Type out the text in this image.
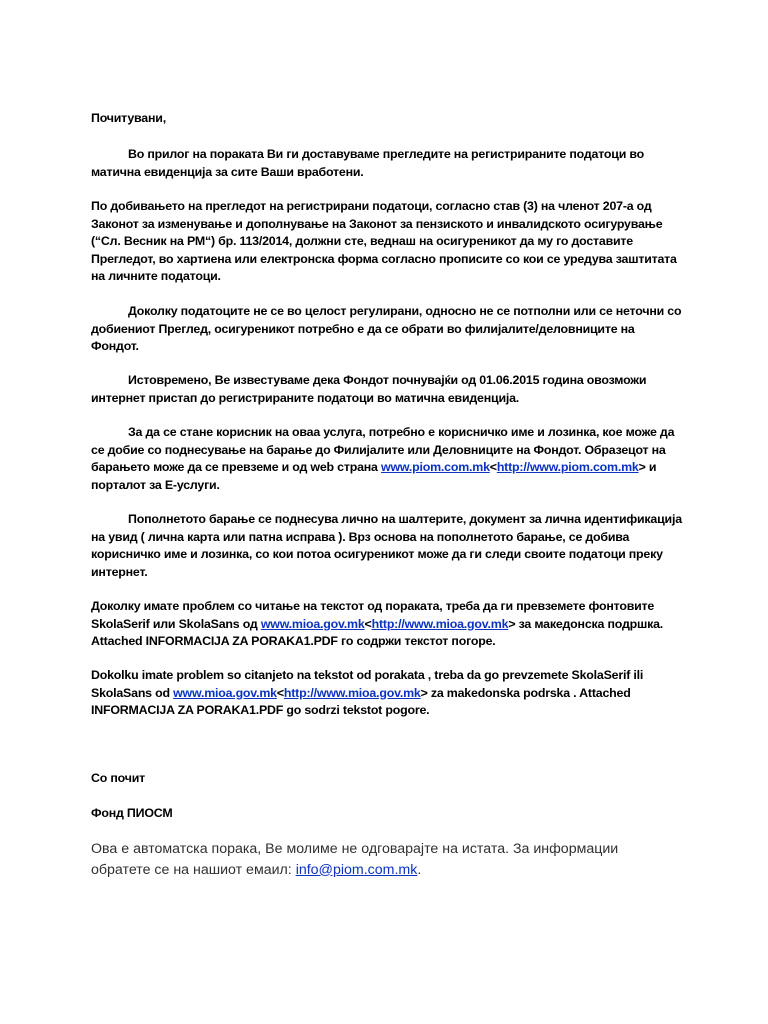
Почитувани,
Во прилог на пораката Ви ги доставуваме прегледите на регистрираните податоци во
матична евиденција за сите Ваши вработени.
По добивањето на прегледот на регистрирани податоци, согласно став (3) на членот 207-а од
Законот за изменување и дополнување на Законот за пензиското и инвалидското осигурување
(“Сл. Весник на РМ“) бр. 113/2014, должни сте, веднаш на осигуреникот да му го доставите
Прегледот, во хартиена или електронска форма согласно прописите со кои се уредува заштитата
на личните податоци.
Доколку податоците не се во целост регулирани, односно не се потполни или се неточни со
добиениот Преглед, осигуреникот потребно е да се обрати во филијалите/деловниците на
Фондот.
Истовремено, Ве известуваме дека Фондот почнувајќи од 01.06.2015 година овозможи
интернет пристап до регистрираните податоци во матична евиденција.
За да се стане корисник на оваа услуга, потребно е корисничко име и лозинка, кое може да
се добие со поднесување на барање до Филијалите или Деловниците на Фондот. Образецот на
барањето може да се превземе и од web страна www.piom.com.mk<http://www.piom.com.mk> и
порталот за Е-услуги.
Пополнетото барање се поднесува лично на шалтерите, документ за лична идентификација
на увид ( лична карта или патна исправа ). Врз основа на пополнетото барање, се добива
корисничко име и лозинка, со кои потоа осигуреникот може да ги следи своите податоци преку
интернет.
Доколку имате проблем со читање на текстот од пораката, треба да ги превземете фонтовите
SkolaSerif или SkolaSans од www.mioa.gov.mk<http://www.mioa.gov.mk> за македонска подршка.
Attached INFORMACIJA ZA PORAKA1.PDF го содржи текстот погоре.
Dokolku imate problem so citanjeto na tekstot od porakata , treba da go prevzemete SkolaSerif ili
SkolaSans od www.mioa.gov.mk<http://www.mioa.gov.mk> za makedonska podrska . Attached
INFORMACIJA ZA PORAKA1.PDF go sodrzi tekstot pogore.
Со почит
Фонд ПИОСМ
Ова е автоматска порака, Ве молиме не одговарајте на истата. За информации
обратете се на нашиот емаил: info@piom.com.mk.
